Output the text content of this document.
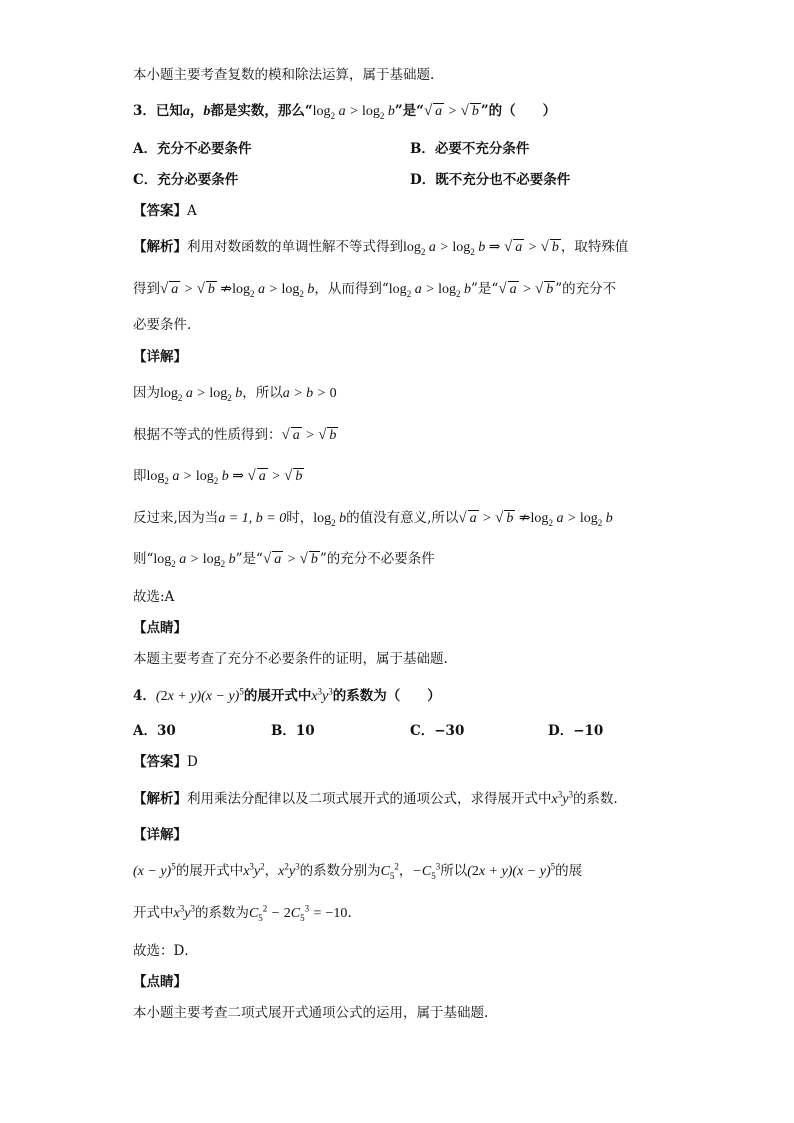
本小题主要考查复数的模和除法运算，属于基础题.
3．已知a，b都是实数，那么“$\log_2$ $a > \log_2 b$”是“√ a > √ b ”的（　　）
A．充分不必要条件	B．必要不充分条件
C．充分必要条件	D．既不充分也不必要条件
【答案】A
【解析】利用对数函数的单调性解不等式得到$\log_2 a > \log_2 b$ ⇒ √ a > √ b ，取特殊值
得到√ a > √ b $⇏\log_2$ $a > \log_2 b$，从而得到“$\log_2$ $a > \log_2 b$”是“√ a > √ b ”的充分不
必要条件.
【详解】
因为$\log_2 a > \log_2 b$，所以a > b > 0
根据不等式的性质得到：√ a > √ b
即$\log_2 a > \log_2 b$ ⇒ √ a > √ b
反过来,因为当a = 1, b = 0时，$\log_2 b$的值没有意义,所以√ a > √ b $⇏\log_2$ $a > \log_2 b$
则“$\log_2$ $a > \log_2 b$”是“√ a > √ b ”的充分不必要条件
故选:A
【点睛】
本题主要考查了充分不必要条件的证明，属于基础题.
4．$(2x + y)(x - y)^5$的展开式中$x^3y^3$的系数为（　　）
A．30	B．10	C．−30	D．−10
【答案】D
【解析】利用乘法分配律以及二项式展开式的通项公式，求得展开式中$x^3y^3$的系数.
【详解】
$(x - y)^5$的展开式中$x^3y^2$，$x^2y^3$的系数分别为$C_5^2$，$-C_5^3$所以$(2x + y)(x - y)^5$的展
开式中$x^3y^3$的系数为$C_5^2 - 2C_5^3 = -10$.
故选：D．
【点睛】
本小题主要考查二项式展开式通项公式的运用，属于基础题.
